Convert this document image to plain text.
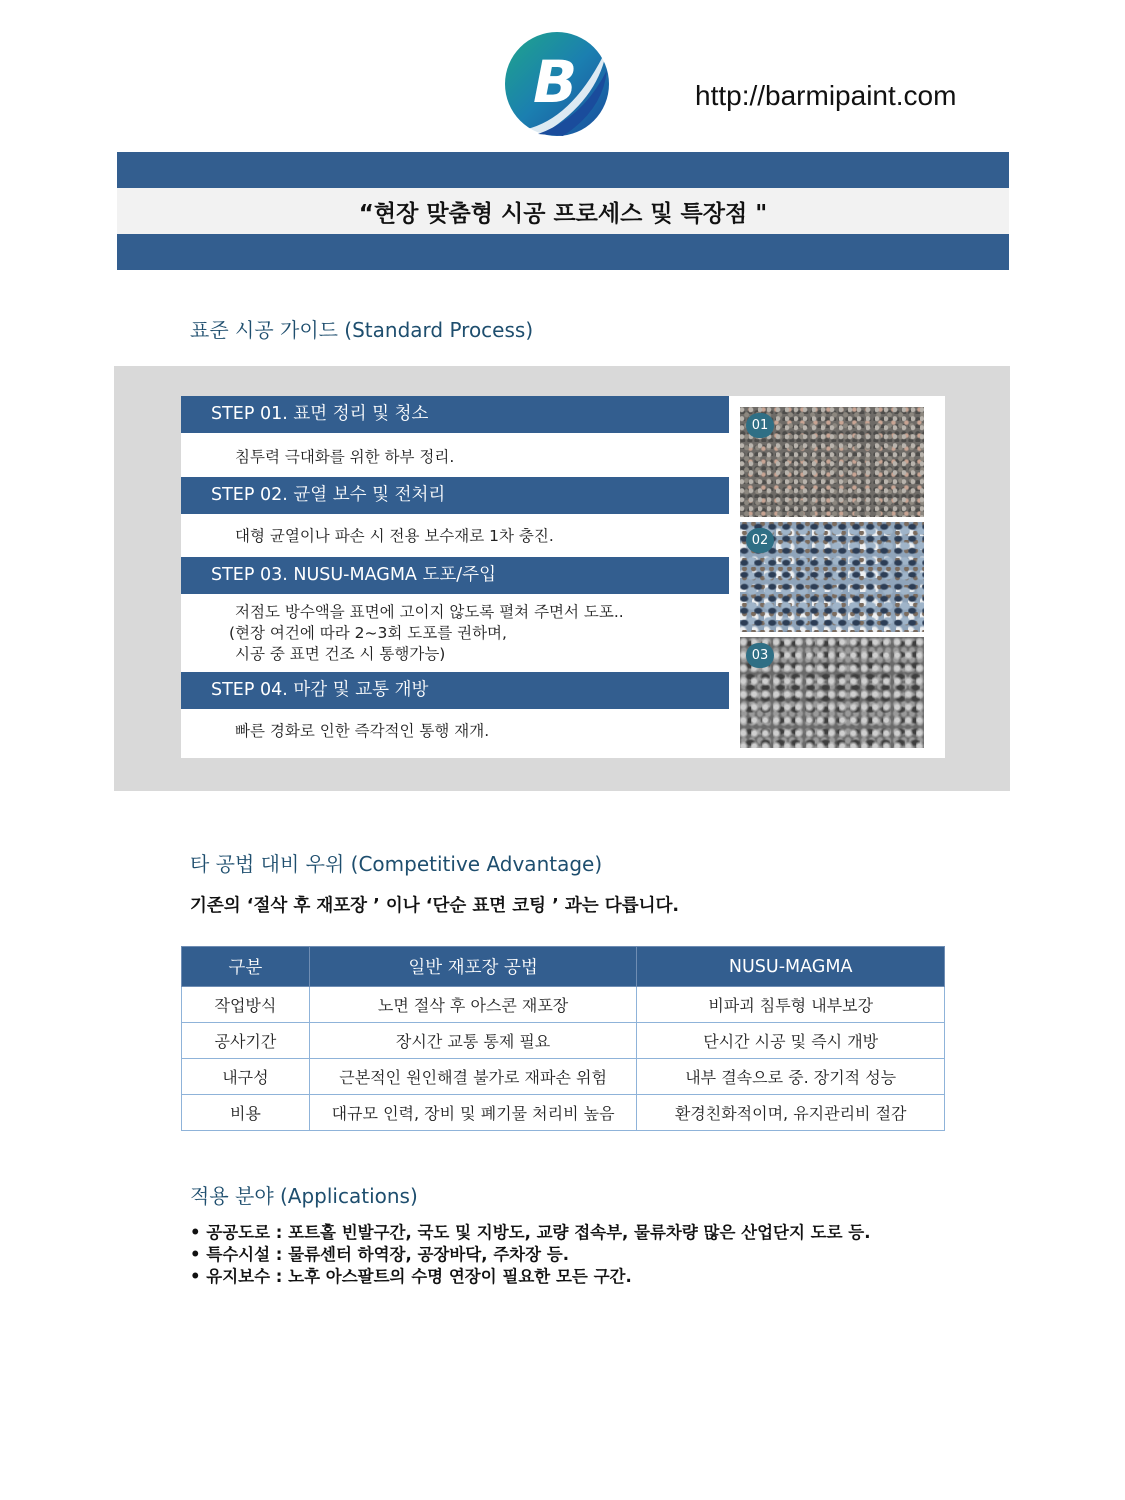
B	http://barmipaint.com
“현장 맞춤형 시공 프로세스 및 특장점 "
표준 시공 가이드 (Standard Process)
STEP 01. 표면 정리 및 청소
침투력 극대화를 위한 하부 정리.
STEP 02. 균열 보수 및 전처리
대형 균열이나 파손 시 전용 보수재로 1차 충진.
STEP 03. NUSU-MAGMA 도포/주입
저점도 방수액을 표면에 고이지 않도록 펼쳐 주면서 도포..
(현장 여건에 따라 2~3회 도포를 권하며,
시공 중 표면 건조 시 통행가능)
STEP 04. 마감 및 교통 개방
빠른 경화로 인한 즉각적인 통행 재개.
01
02
03
타 공법 대비 우위 (Competitive Advantage)
기존의 ‘절삭 후 재포장 ’ 이나 ‘단순 표면 코팅 ’ 과는 다릅니다.
구분	일반 재포장 공법	NUSU-MAGMA
작업방식	노면 절삭 후 아스콘 재포장	비파괴 침투형 내부보강
공사기간	장시간 교통 통제 필요	단시간 시공 및 즉시 개방
내구성	근본적인 원인해결 불가로 재파손 위험	내부 결속으로 중. 장기적 성능
비용	대규모 인력, 장비 및 폐기물 처리비 높음	환경친화적이며, 유지관리비 절감
적용 분야 (Applications)
• 공공도로 : 포트홀 빈발구간, 국도 및 지방도, 교량 접속부, 물류차량 많은 산업단지 도로 등.
• 특수시설 : 물류센터 하역장, 공장바닥, 주차장 등.
• 유지보수 : 노후 아스팔트의 수명 연장이 필요한 모든 구간.
